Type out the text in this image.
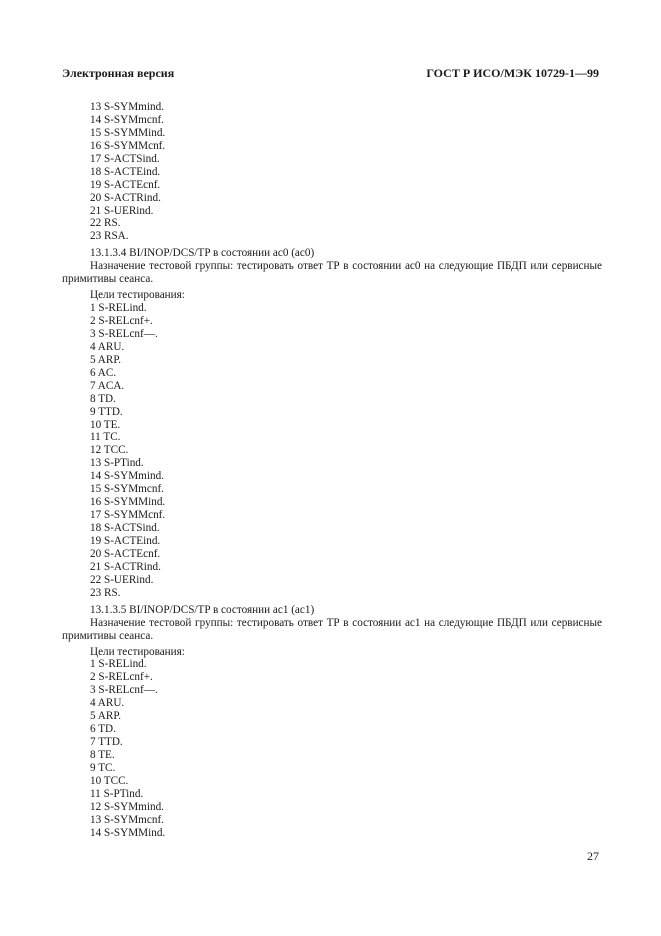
Электронная версия	ГОСТ Р ИСО/МЭК 10729-1—99
13 S-SYMmind.
14 S-SYMmcnf.
15 S-SYMMind.
16 S-SYMMcnf.
17 S-ACTSind.
18 S-ACTEind.
19 S-ACTEcnf.
20 S-ACTRind.
21 S-UERind.
22 RS.
23 RSA.
13.1.3.4 BI/INOP/DCS/TP в состоянии ac0 (ac0)

Назначение тестовой группы: тестировать ответ ТР в состоянии ac0 на следующие ПБДП или сервисные примитивы сеанса.

Цели тестирования:
1 S-RELind.
2 S-RELcnf+.
3 S-RELcnf—.
4 ARU.
5 ARP.
6 AC.
7 ACA.
8 TD.
9 TTD.
10 TE.
11 TC.
12 TCC.
13 S-PTind.
14 S-SYMmind.
15 S-SYMmcnf.
16 S-SYMMind.
17 S-SYMMcnf.
18 S-ACTSind.
19 S-ACTEind.
20 S-ACTEcnf.
21 S-ACTRind.
22 S-UERind.
23 RS.
13.1.3.5 BI/INOP/DCS/TP в состоянии ac1 (ac1)

Назначение тестовой группы: тестировать ответ ТР в состоянии ac1 на следующие ПБДП или сервисные примитивы сеанса.

Цели тестирования:
1 S-RELind.
2 S-RELcnf+.
3 S-RELcnf—.
4 ARU.
5 ARP.
6 TD.
7 TTD.
8 TE.
9 TC.
10 TCC.
11 S-PTind.
12 S-SYMmind.
13 S-SYMmcnf.
14 S-SYMMind.
27
